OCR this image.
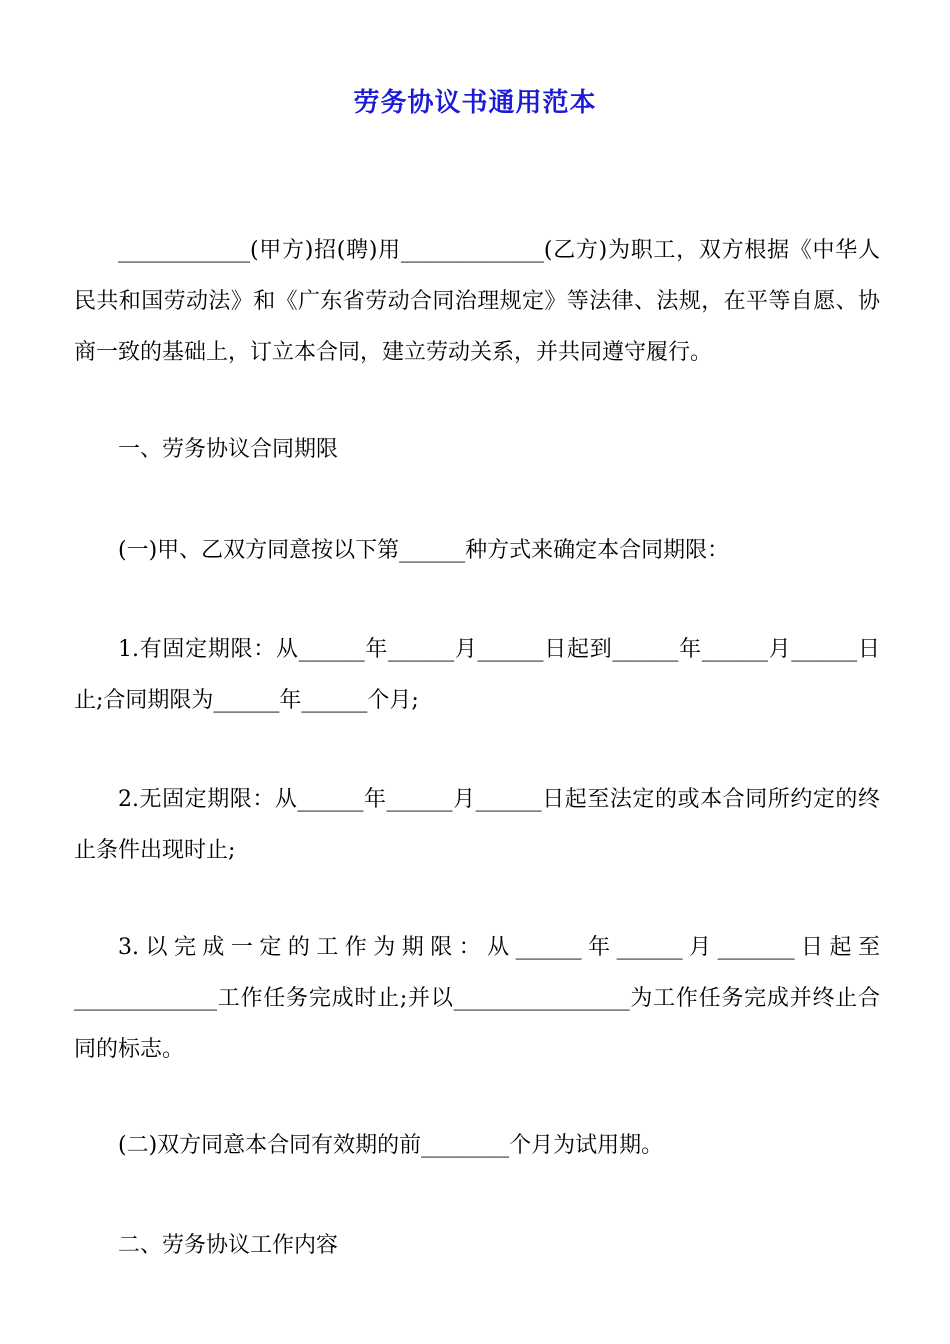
劳务协议书通用范本
____________(甲方)招(聘)用_____________(乙方)为职工，双方根据《中华人民共和国劳动法》和《广东省劳动合同治理规定》等法律、法规，在平等自愿、协商一致的基础上，订立本合同，建立劳动关系，并共同遵守履行。
一、劳务协议合同期限
(一)甲、乙双方同意按以下第______种方式来确定本合同期限：
1.有固定期限：从______年______月______日起到______年______月______日止;合同期限为______年______个月;
2.无固定期限：从______年______月______日起至法定的或本合同所约定的终止条件出现时止;
3.以完成一定的工作为期限：从______年______月_______日起至_____________工作任务完成时止;并以________________为工作任务完成并终止合同的标志。
(二)双方同意本合同有效期的前________个月为试用期。
二、劳务协议工作内容
